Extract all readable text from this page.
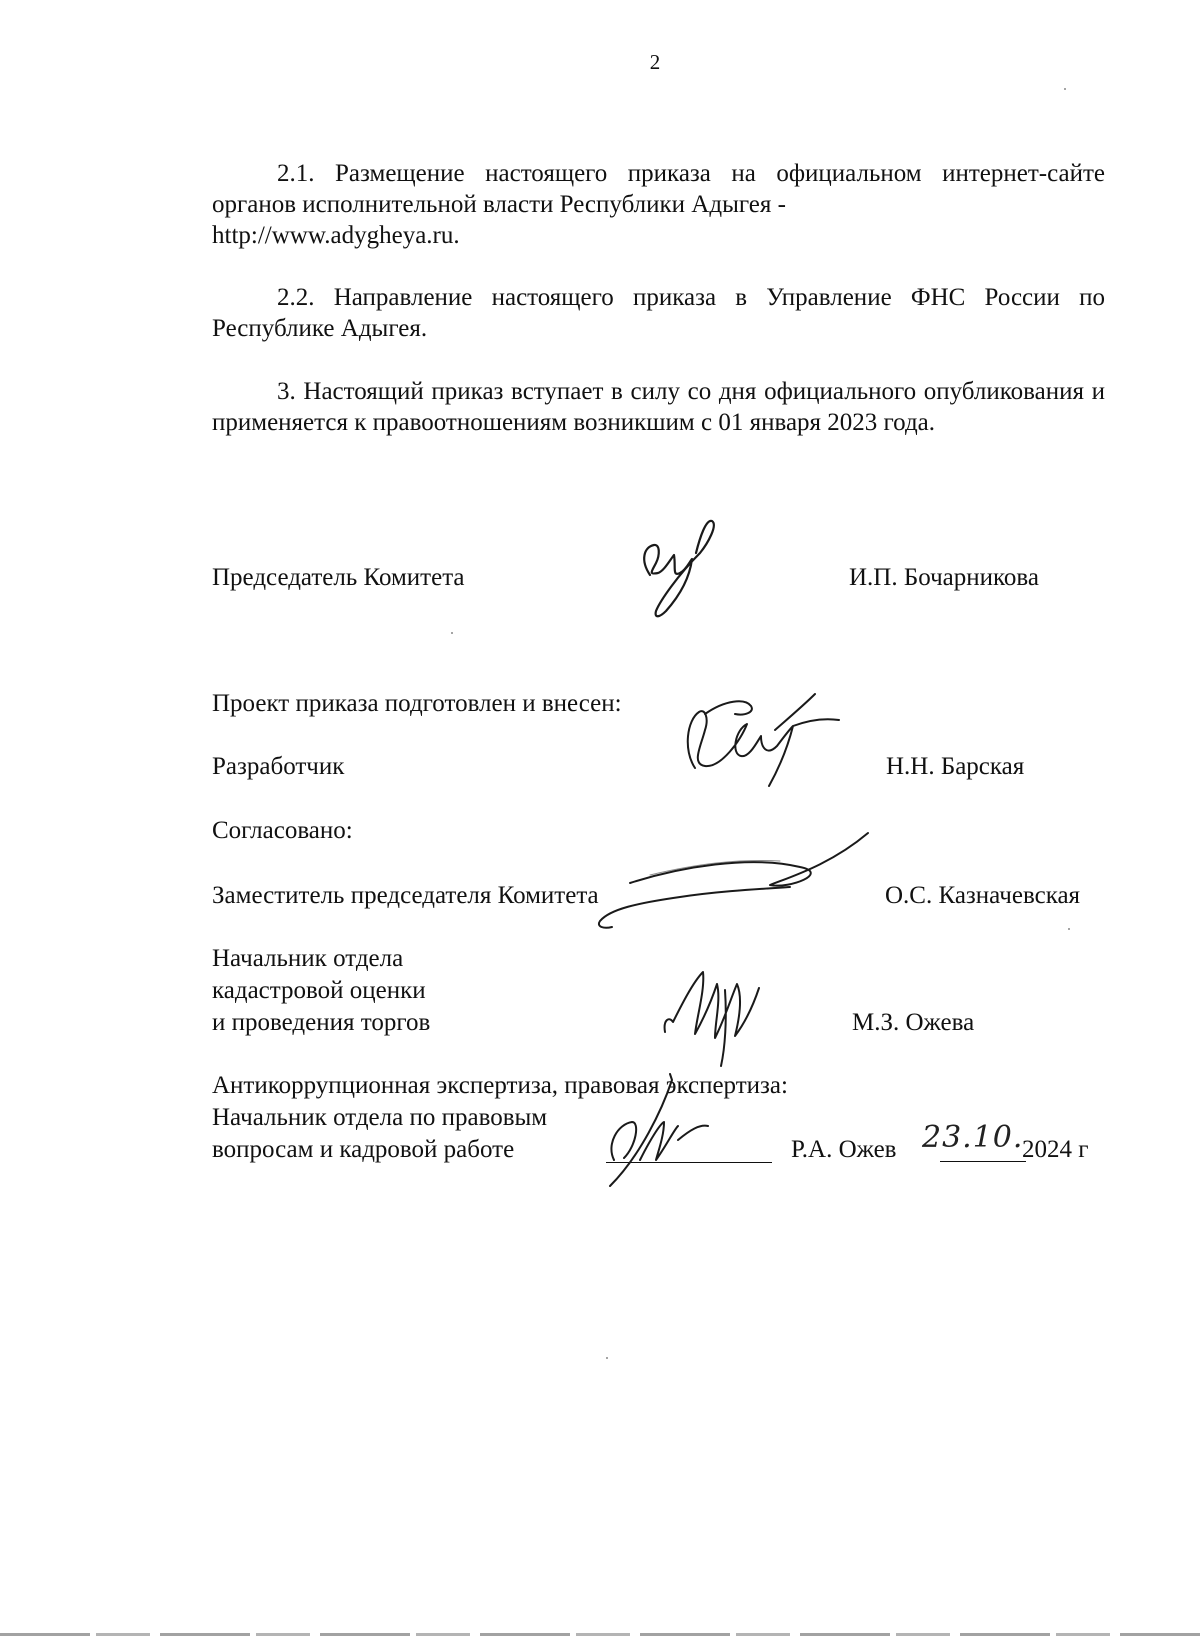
2

2.1. Размещение настоящего приказа на официальном интернет-сайте органов исполнительной власти Республики Адыгея -
http://www.adygheya.ru.

2.2. Направление настоящего приказа в Управление ФНС России по Республике Адыгея.

3. Настоящий приказ вступает в силу со дня официального опубликования и применяется к правоотношениям возникшим с 01 января 2023 года.

Председатель Комитета	И.П. Бочарникова
Проект приказа подготовлен и внесен:
Разработчик	Н.Н. Барская
Согласовано:
Заместитель председателя Комитета	О.С. Казначевская
Начальник отдела
кадастровой оценки
и проведения торгов	М.З. Ожева
Антикоррупционная экспертиза, правовая экспертиза:
Начальник отдела по правовым
вопросам и кадровой работе	Р.А. Ожев 23.10.
2024 г
